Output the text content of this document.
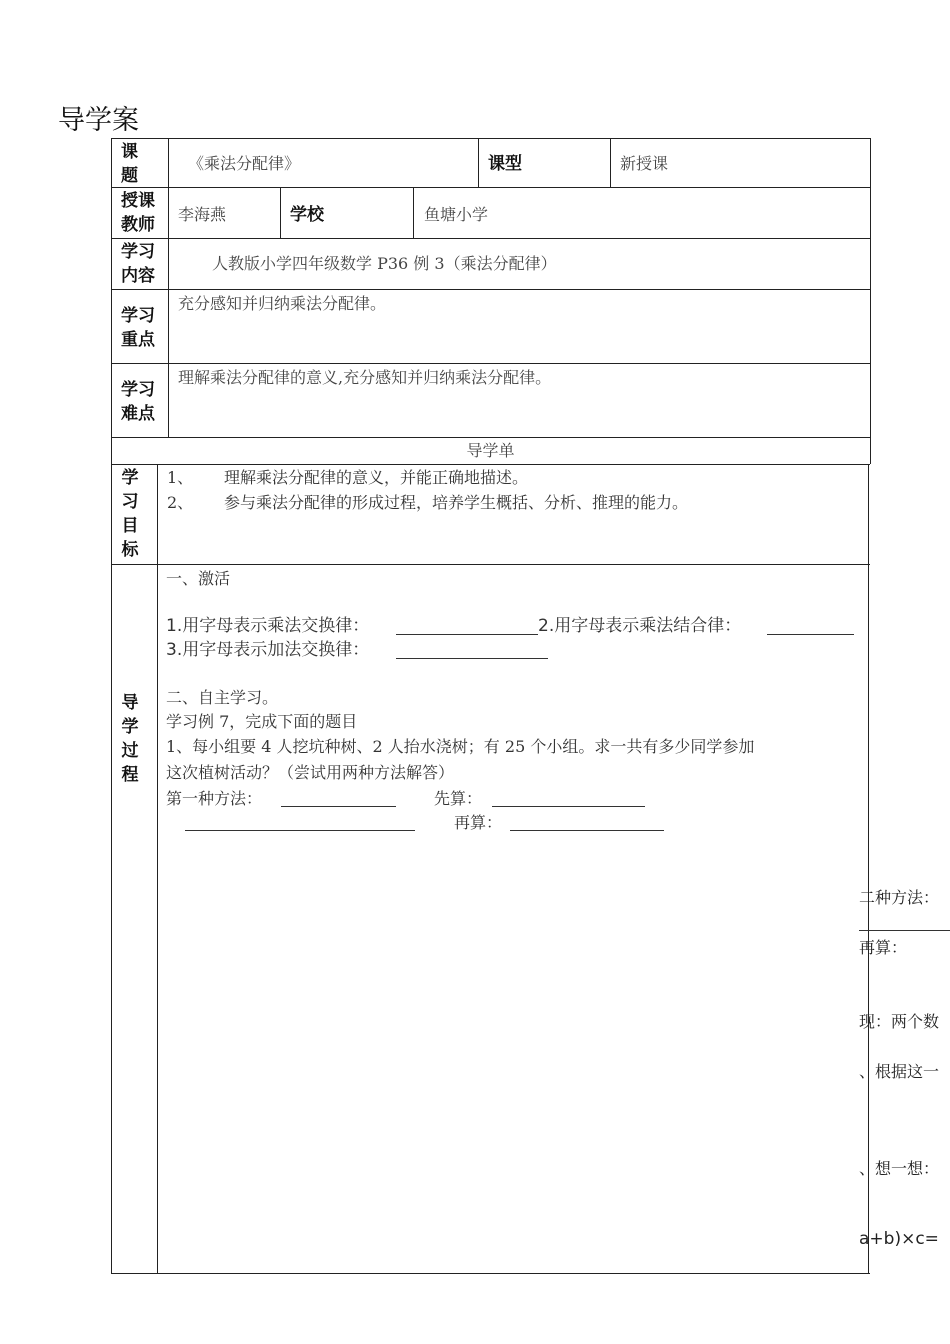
导学案
课题
《乘法分配律》	课型	新授课
授课教师
李海燕	学校	鱼塘小学
学习内容
人教版小学四年级数学 P36 例 3（乘法分配律）
学习重点
充分感知并归纳乘法分配律。
学习难点
理解乘法分配律的意义,充分感知并归纳乘法分配律。
导学单
学习目标
1、 理解乘法分配律的意义，并能正确地描述。
2、 参与乘法分配律的形成过程，培养学生概括、分析、推理的能力。
导学过程
一、激活
1.用字母表示乘法交换律：	2.用字母表示乘法结合律：
3.用字母表示加法交换律：
二、自主学习。
学习例 7，完成下面的题目
1、每小组要 4 人挖坑种树、2 人抬水浇树；有 25 个小组。求一共有多少同学参加
这次植树活动？（尝试用两种方法解答）
第一种方法：	先算：
再算：
二种方法：
再算：
现：两个数
、根据这一
、想一想：
a+b)×c=
